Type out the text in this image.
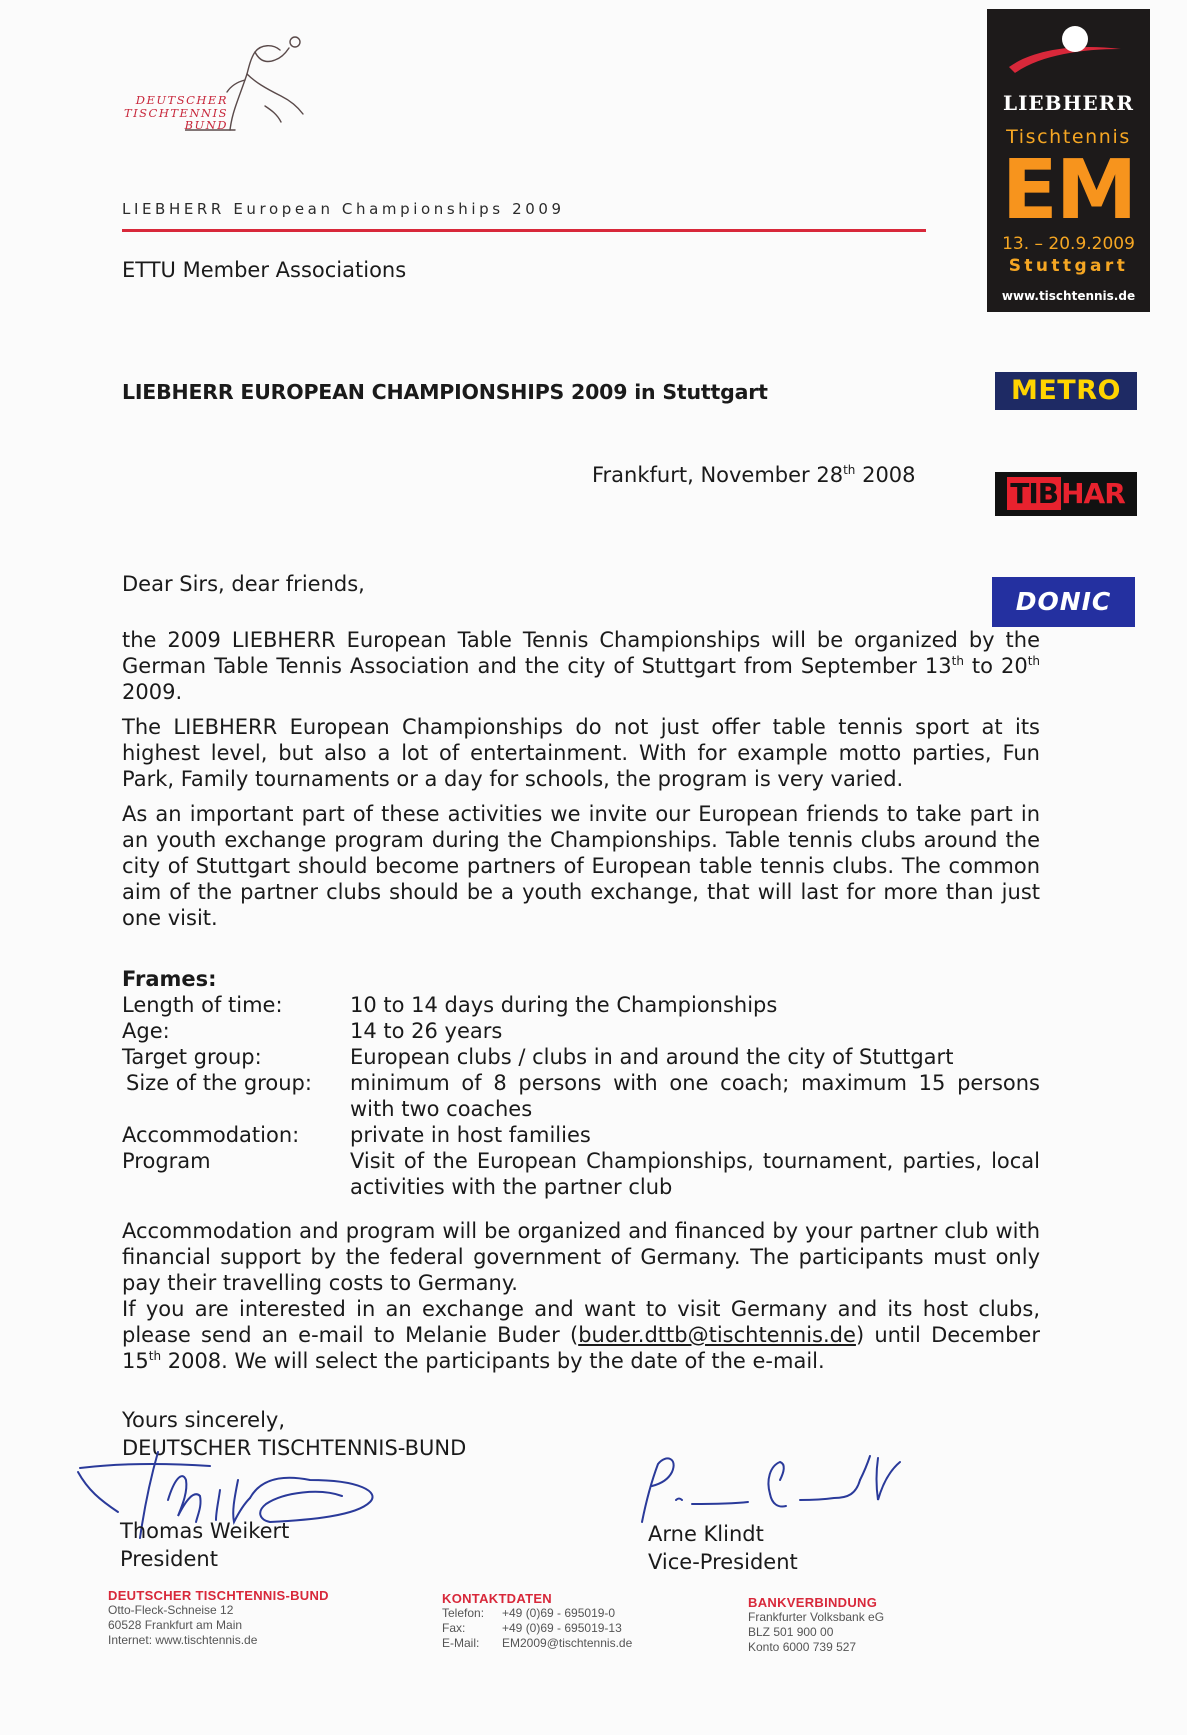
DEUTSCHER
TISCHTENNIS
BUND
LIEBHERR European Championships 2009
ETTU Member Associations
LIEBHERR EUROPEAN CHAMPIONSHIPS 2009 in Stuttgart
Frankfurt, November 28th 2008
LIEBHERR
Tischtennis
EM
13. – 20.9.2009
Stuttgart
www.tischtennis.de
METRO
TIB HAR
DONIC
Dear Sirs, dear friends,

the 2009 LIEBHERR European Table Tennis Championships will be organized by the German Table Tennis Association and the city of Stuttgart from September 13th to 20th 2009.

The LIEBHERR European Championships do not just offer table tennis sport at its highest level, but also a lot of entertainment. With for example motto parties, Fun Park, Family tournaments or a day for schools, the program is very varied.

As an important part of these activities we invite our European friends to take part in an youth exchange program during the Championships. Table tennis clubs around the city of Stuttgart should become partners of European table tennis clubs. The common aim of the partner clubs should be a youth exchange, that will last for more than just one visit.

Frames:
Length of time:	10 to 14 days during the Championships
Age:	14 to 26 years
Target group:	European clubs / clubs in and around the city of Stuttgart
Size of the group:	minimum of 8 persons with one coach; maximum 15 persons with two coaches
Accommodation:	private in host families
Program	Visit of the European Championships, tournament, parties, local activities with the partner club

Accommodation and program will be organized and financed by your partner club with financial support by the federal government of Germany. The participants must only pay their travelling costs to Germany.

If you are interested in an exchange and want to visit Germany and its host clubs, please send an e-mail to Melanie Buder (buder.dttb@tischtennis.de) until December 15th 2008. We will select the participants by the date of the e-mail.

Yours sincerely,
DEUTSCHER TISCHTENNIS-BUND
Thomas Weikert
President
Arne Klindt
Vice-President
DEUTSCHER TISCHTENNIS-BUND
Otto-Fleck-Schneise 12
60528 Frankfurt am Main
Internet: www.tischtennis.de
KONTAKTDATEN
Telefon:	+49 (0)69 - 695019-0
Fax:	+49 (0)69 - 695019-13
E-Mail:	EM2009@tischtennis.de
BANKVERBINDUNG
Frankfurter Volksbank eG
BLZ 501 900 00
Konto 6000 739 527
